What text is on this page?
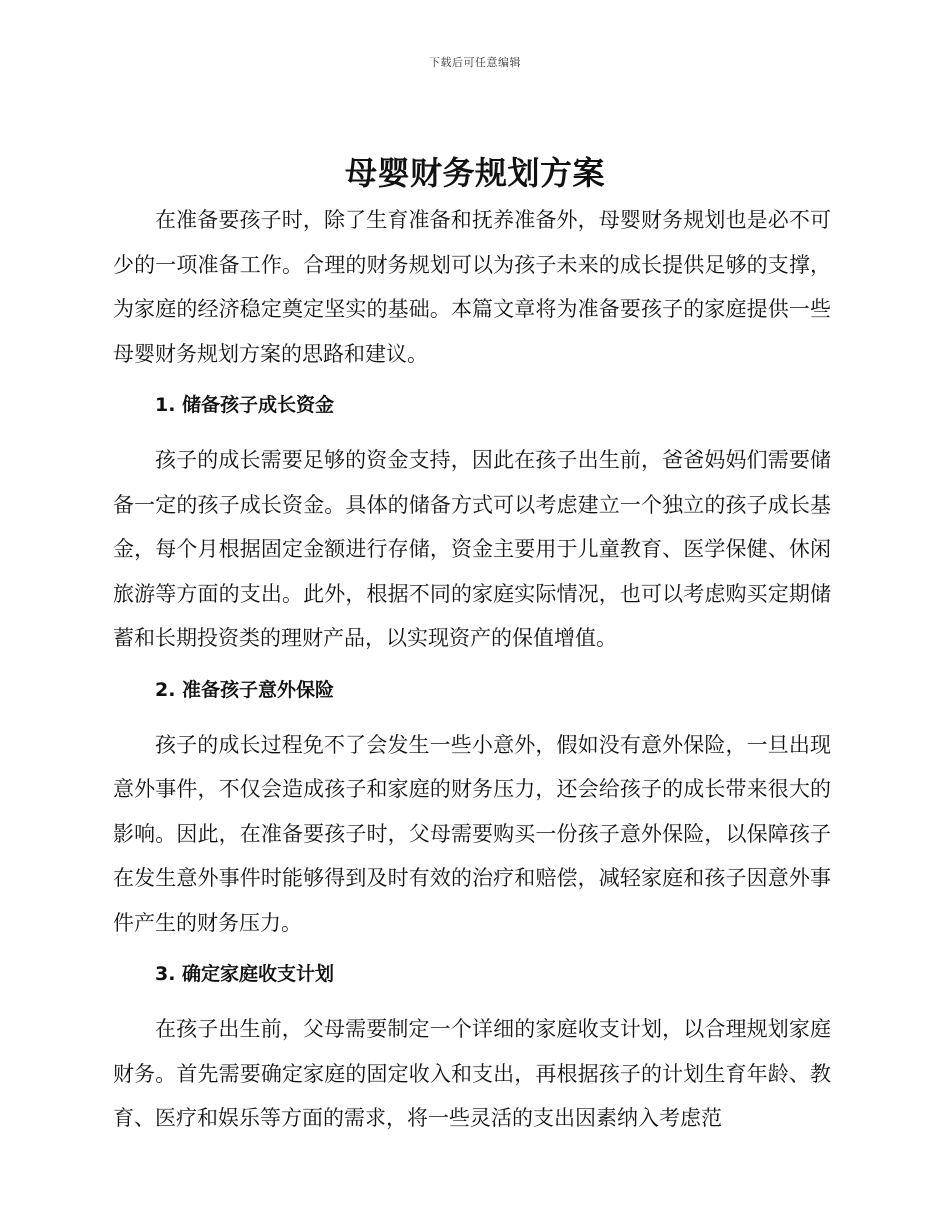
下载后可任意编辑
母婴财务规划方案

在准备要孩子时，除了生育准备和抚养准备外，母婴财务规划也是必不可少的一项准备工作。合理的财务规划可以为孩子未来的成长提供足够的支撑，为家庭的经济稳定奠定坚实的基础。本篇文章将为准备要孩子的家庭提供一些母婴财务规划方案的思路和建议。

1. 储备孩子成长资金

孩子的成长需要足够的资金支持，因此在孩子出生前，爸爸妈妈们需要储备一定的孩子成长资金。具体的储备方式可以考虑建立一个独立的孩子成长基金，每个月根据固定金额进行存储，资金主要用于儿童教育、医学保健、休闲旅游等方面的支出。此外，根据不同的家庭实际情况，也可以考虑购买定期储蓄和长期投资类的理财产品，以实现资产的保值增值。

2. 准备孩子意外保险

孩子的成长过程免不了会发生一些小意外，假如没有意外保险，一旦出现意外事件，不仅会造成孩子和家庭的财务压力，还会给孩子的成长带来很大的影响。因此，在准备要孩子时，父母需要购买一份孩子意外保险，以保障孩子在发生意外事件时能够得到及时有效的治疗和赔偿，减轻家庭和孩子因意外事件产生的财务压力。

3. 确定家庭收支计划

在孩子出生前，父母需要制定一个详细的家庭收支计划，以合理规划家庭财务。首先需要确定家庭的固定收入和支出，再根据孩子的计划生育年龄、教育、医疗和娱乐等方面的需求，将一些灵活的支出因素纳入考虑范
